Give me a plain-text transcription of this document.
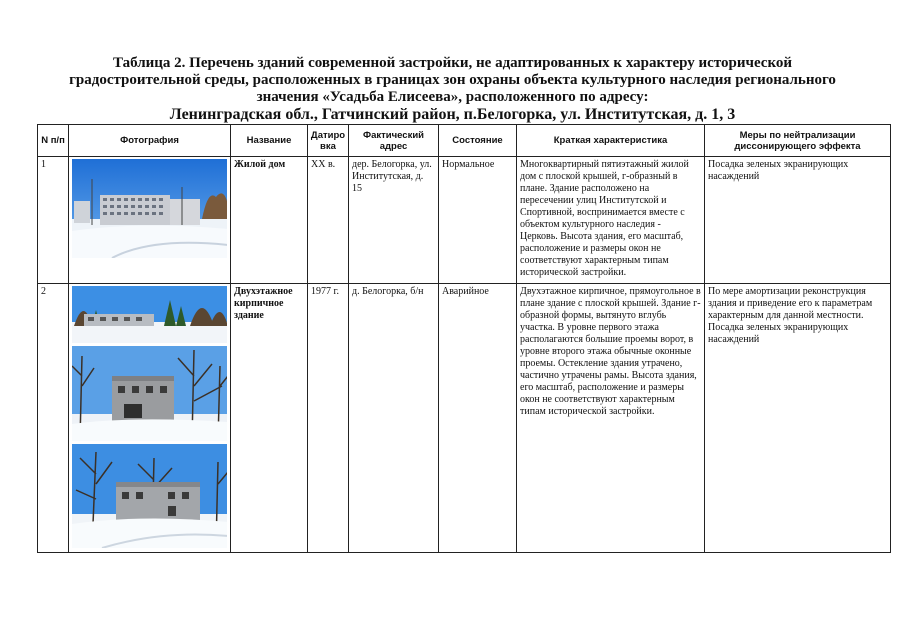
Таблица 2. Перечень зданий современной застройки, не адаптированных к характеру исторической
градостроительной среды, расположенных в границах зон охраны объекта культурного наследия регионального
значения «Усадьба Елисеева», расположенного по адресу:
Ленинградская обл., Гатчинский район, п.Белогорка, ул. Институтская, д. 1, 3
N п/п	Фотография	Название	Датиро вка	Фактический адрес	Состояние	Краткая характеристика	Меры по нейтрализации диссонирующего эффекта
1		Жилой дом	XX в.	дер. Белогорка, ул. Институтская, д. 15	Нормальное	Многоквартирный пятиэтажный жилой дом с плоской крышей, г-образный в плане. Здание расположено на пересечении улиц Институтской и Спортивной, воспринимается вместе с объектом культурного наследия - Церковь. Высота здания, его масштаб, расположение и размеры окон не соответствуют характерным типам исторической застройки.	Посадка зеленых экранирующих насаждений
2		Двухэтажное кирпичное здание	1977 г.	д. Белогорка, б/н	Аварийное	Двухэтажное кирпичное, прямоугольное в плане здание с плоской крышей. Здание г-образной формы, вытянуто вглубь участка. В уровне первого этажа располагаются большие проемы ворот, в уровне второго этажа обычные оконные проемы. Остекление здания утрачено, частично утрачены рамы. Высота здания, его масштаб, расположение и размеры окон не соответствуют характерным типам исторической застройки.	По мере амортизации реконструкция здания и приведение его к параметрам характерным для данной местности. Посадка зеленых экранирующих насаждений
